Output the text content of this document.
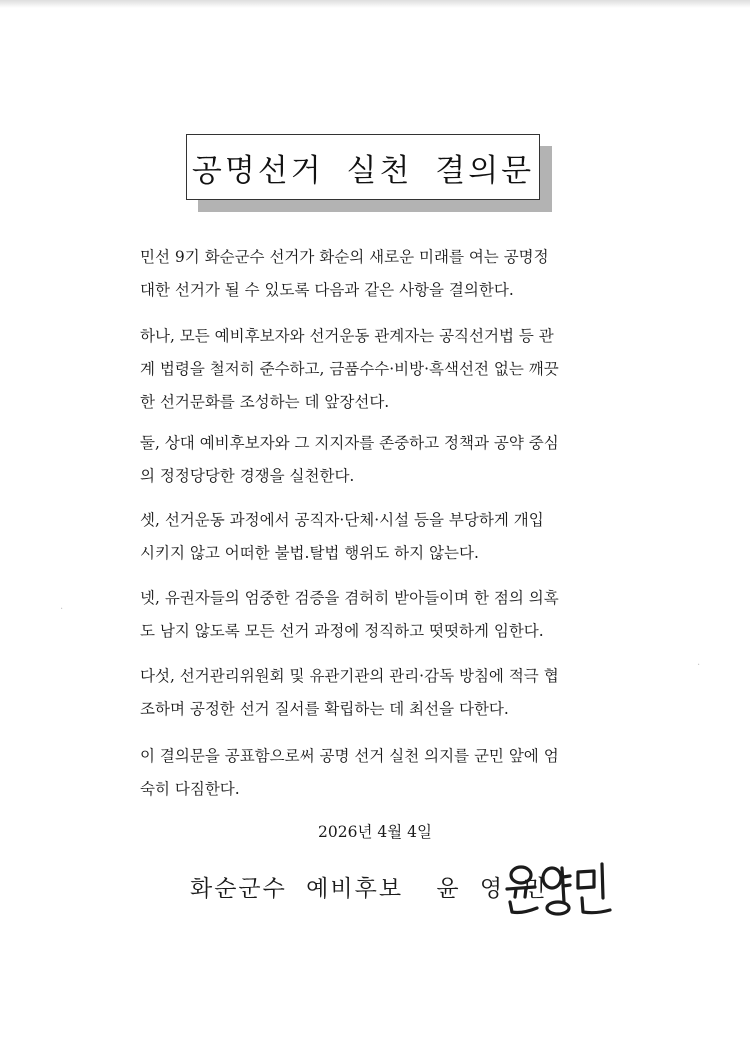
·
·
공명선거 실천 결의문
민선 9기 화순군수 선거가 화순의 새로운 미래를 여는 공명정
대한 선거가 될 수 있도록 다음과 같은 사항을 결의한다.
하나, 모든 예비후보자와 선거운동 관계자는 공직선거법 등 관
계 법령을 철저히 준수하고, 금품수수·비방·흑색선전 없는 깨끗
한 선거문화를 조성하는 데 앞장선다.
둘, 상대 예비후보자와 그 지지자를 존중하고 정책과 공약 중심
의 정정당당한 경쟁을 실천한다.
셋, 선거운동 과정에서 공직자·단체·시설 등을 부당하게 개입
시키지 않고 어떠한 불법.탈법 행위도 하지 않는다.
넷, 유권자들의 엄중한 검증을 겸허히 받아들이며 한 점의 의혹
도 남지 않도록 모든 선거 과정에 정직하고 떳떳하게 임한다.
다섯, 선거관리위원회 및 유관기관의 관리·감독 방침에 적극 협
조하며 공정한 선거 질서를 확립하는 데 최선을 다한다.
이 결의문을 공표함으로써 공명 선거 실천 의지를 군민 앞에 엄
숙히 다짐한다.
2026년 4월 4일
화순군수 예비후보 윤 영 민
